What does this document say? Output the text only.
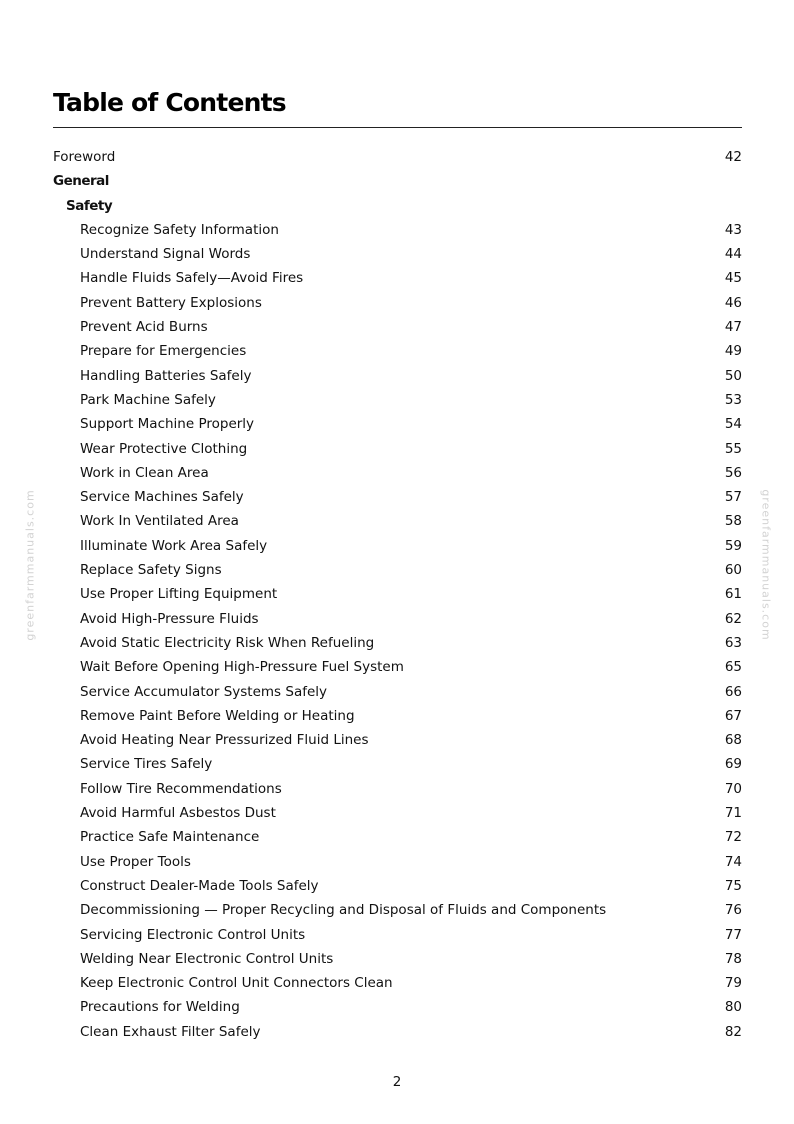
Table of Contents
Foreword	42
General
Safety
Recognize Safety Information	43
Understand Signal Words	44
Handle Fluids Safely—Avoid Fires	45
Prevent Battery Explosions	46
Prevent Acid Burns	47
Prepare for Emergencies	49
Handling Batteries Safely	50
Park Machine Safely	53
Support Machine Properly	54
Wear Protective Clothing	55
Work in Clean Area	56
Service Machines Safely	57
Work In Ventilated Area	58
Illuminate Work Area Safely	59
Replace Safety Signs	60
Use Proper Lifting Equipment	61
Avoid High-Pressure Fluids	62
Avoid Static Electricity Risk When Refueling	63
Wait Before Opening High-Pressure Fuel System	65
Service Accumulator Systems Safely	66
Remove Paint Before Welding or Heating	67
Avoid Heating Near Pressurized Fluid Lines	68
Service Tires Safely	69
Follow Tire Recommendations	70
Avoid Harmful Asbestos Dust	71
Practice Safe Maintenance	72
Use Proper Tools	74
Construct Dealer-Made Tools Safely	75
Decommissioning — Proper Recycling and Disposal of Fluids and Components	76
Servicing Electronic Control Units	77
Welding Near Electronic Control Units	78
Keep Electronic Control Unit Connectors Clean	79
Precautions for Welding	80
Clean Exhaust Filter Safely	82
greenfarmmanuals.com	greenfarmmanuals.com
2
